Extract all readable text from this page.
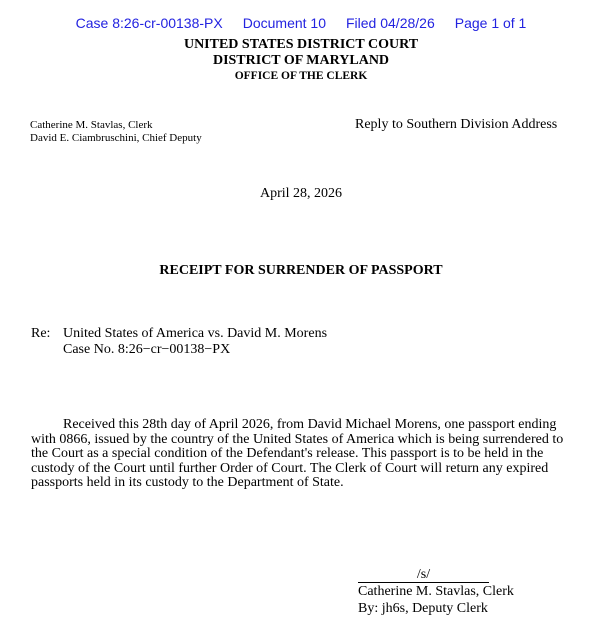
Case 8:26-cr-00138-PX Document 10 Filed 04/28/26 Page 1 of 1
UNITED STATES DISTRICT COURT
DISTRICT OF MARYLAND
OFFICE OF THE CLERK
Catherine M. Stavlas, Clerk
David E. Ciambruschini, Chief Deputy
Reply to Southern Division Address
April 28, 2026
RECEIPT FOR SURRENDER OF PASSPORT
Re: United States of America vs. David M. Morens
Case No. 8:26−cr−00138−PX
Received this 28th day of April 2026, from David Michael Morens, one passport ending with 0866, issued by the country of the United States of America which is being surrendered to the Court as a special condition of the Defendant's release. This passport is to be held in the custody of the Court until further Order of Court. The Clerk of Court will return any expired passports held in its custody to the Department of State.
/s/
Catherine M. Stavlas, Clerk
By: jh6s, Deputy Clerk
